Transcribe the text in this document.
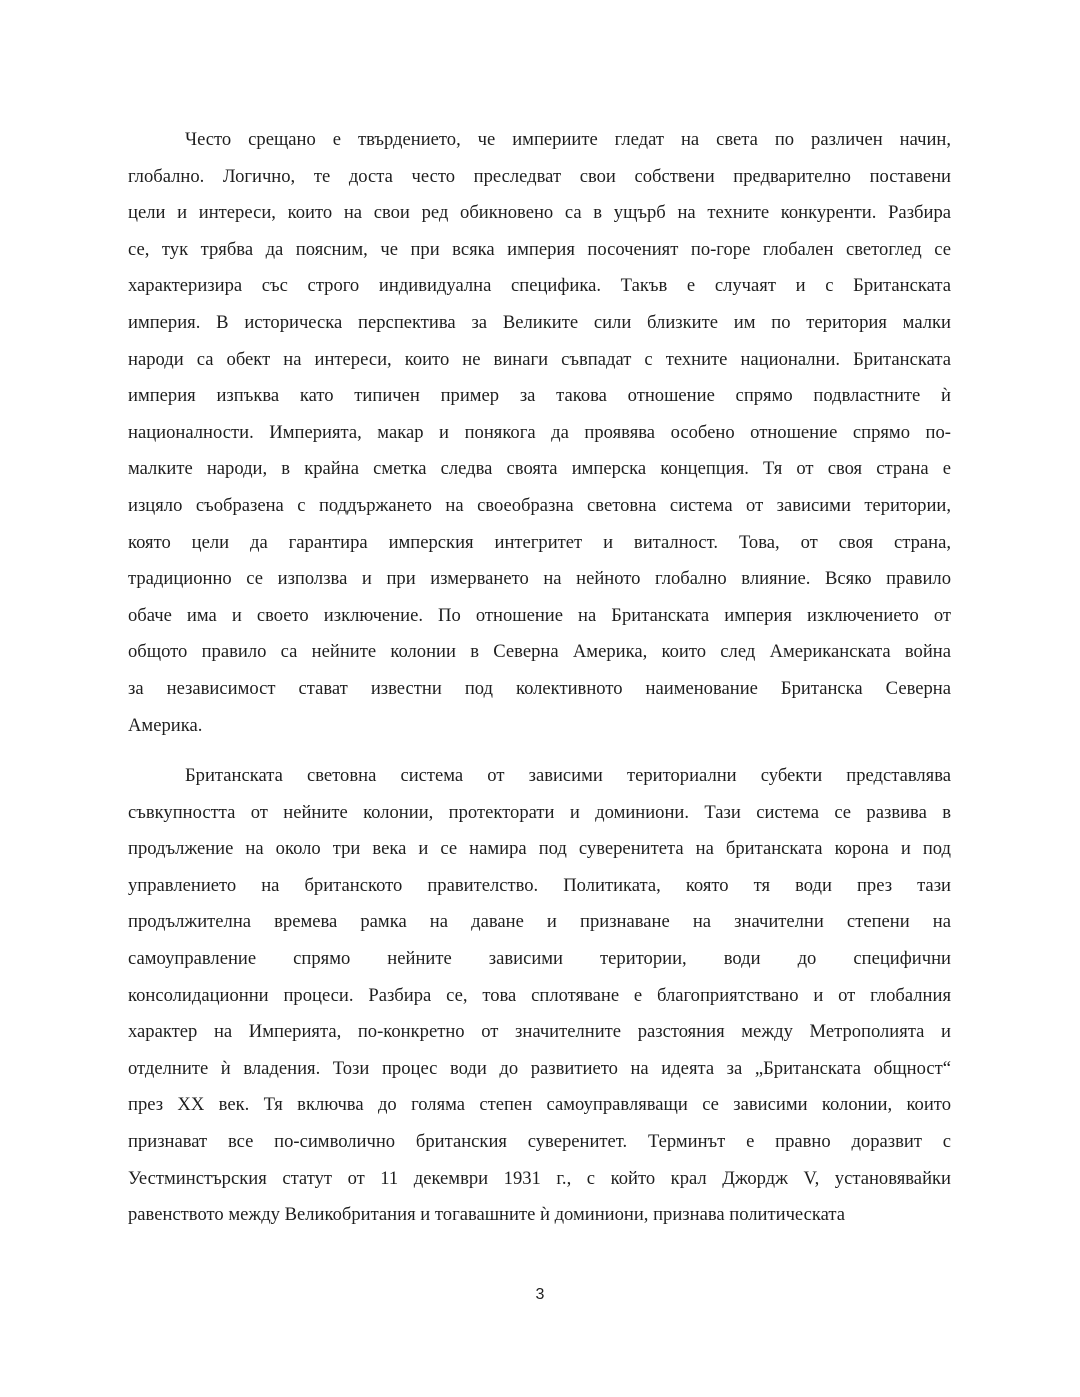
Често срещано е твърдението, че империите гледат на света по различен начин,
глобално. Логично, те доста често преследват свои собствени предварително поставени
цели и интереси, които на свои ред обикновено са в ущърб на техните конкуренти. Разбира
се, тук трябва да поясним, че при всяка империя посоченият по-горе глобален светоглед се
характеризира със строго индивидуална специфика. Такъв е случаят и с Британската
империя. В историческа перспектива за Великите сили близките им по територия малки
народи са обект на интереси, които не винаги съвпадат с техните национални. Британската
империя изпъква като типичен пример за такова отношение спрямо подвластните ѝ
националности. Империята, макар и понякога да проявява особено отношение спрямо по-
малките народи, в крайна сметка следва своята имперска концепция. Тя от своя страна е
изцяло съобразена с поддържането на своеобразна световна система от зависими територии,
която цели да гарантира имперския интегритет и виталност. Това, от своя страна,
традиционно се използва и при измерването на нейното глобално влияние. Всяко правило
обаче има и своето изключение. По отношение на Британската империя изключението от
общото правило са нейните колонии в Северна Америка, които след Американската война
за независимост стават известни под колективното наименование Британска Северна
Америка.

Британската световна система от зависими териториални субекти представлява
съвкупността от нейните колонии, протекторати и доминиони. Тази система се развива в
продължение на около три века и се намира под суверенитета на британската корона и под
управлението на британското правителство. Политиката, която тя води през тази
продължителна времева рамка на даване и признаване на значителни степени на
самоуправление спрямо нейните зависими територии, води до специфични
консолидационни процеси. Разбира се, това сплотяване е благоприятствано и от глобалния
характер на Империята, по-конкретно от значителните разстояния между Метрополията и
отделните ѝ владения. Този процес води до развитието на идеята за „Британската общност“
през XX век. Тя включва до голяма степен самоуправляващи се зависими колонии, които
признават все по-символично британския суверенитет. Терминът е правно доразвит с
Уестминстърския статут от 11 декември 1931 г., с който крал Джордж V, установявайки
равенството между Великобритания и тогавашните ѝ доминиони, признава политическата

3
